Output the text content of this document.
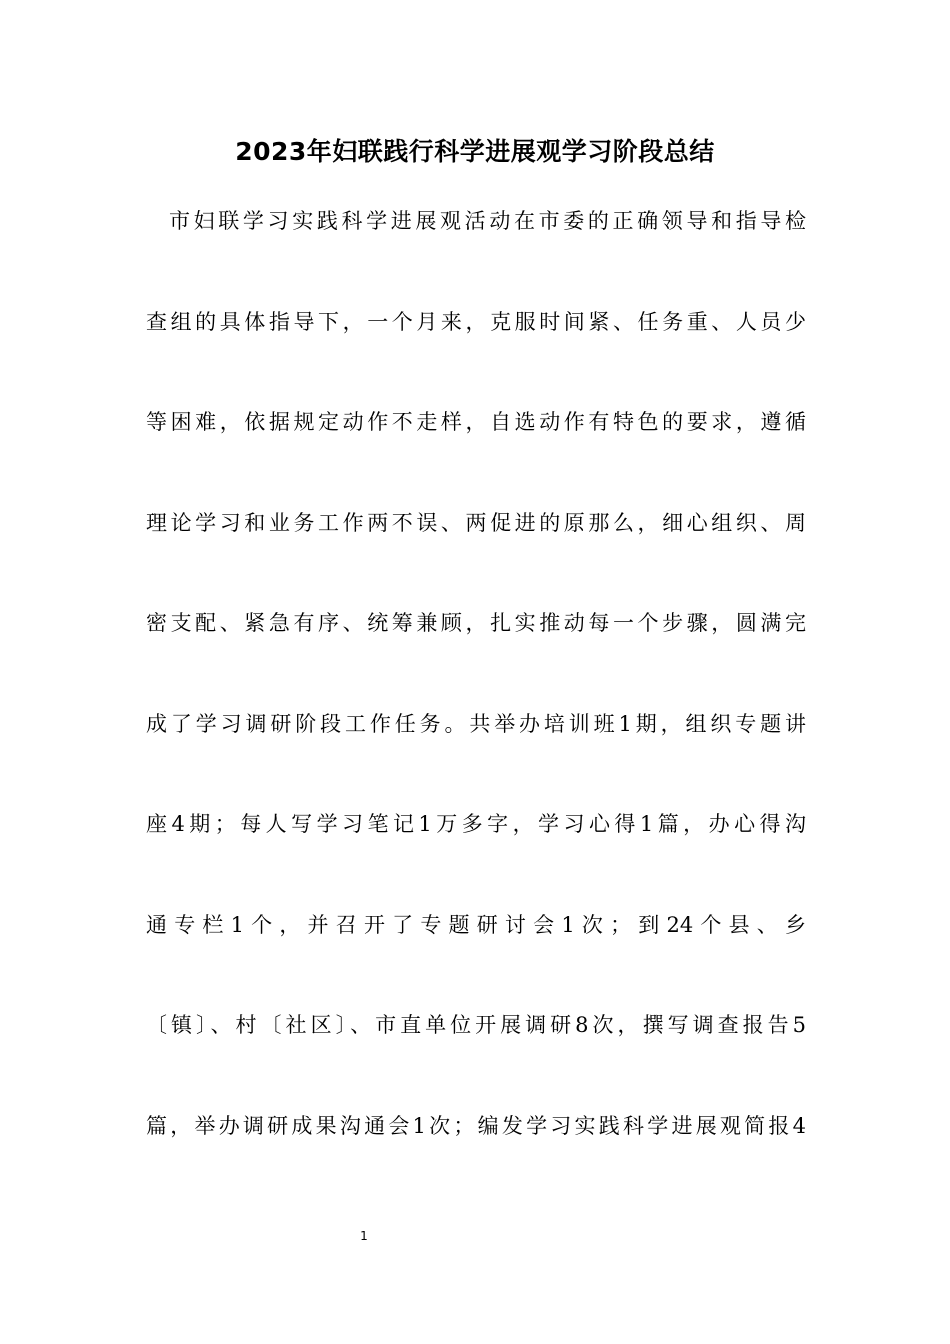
2023年妇联践行科学进展观学习阶段总结
市妇联学习实践科学进展观活动在市委的正确领导和指导检
查组的具体指导下，一个月来，克服时间紧、任务重、人员少
等困难，依据规定动作不走样，自选动作有特色的要求，遵循
理论学习和业务工作两不误、两促进的原那么，细心组织、周
密支配、紧急有序、统筹兼顾，扎实推动每一个步骤，圆满完
成了学习调研阶段工作任务。共举办培训班1期，组织专题讲
座4期；每人写学习笔记1万多字，学习心得1篇，办心得沟
通专栏1个，并召开了专题研讨会1次；到24个县、乡
〔镇〕、村〔社区〕、市直单位开展调研8次，撰写调查报告5
篇，举办调研成果沟通会1次；编发学习实践科学进展观简报4
1
